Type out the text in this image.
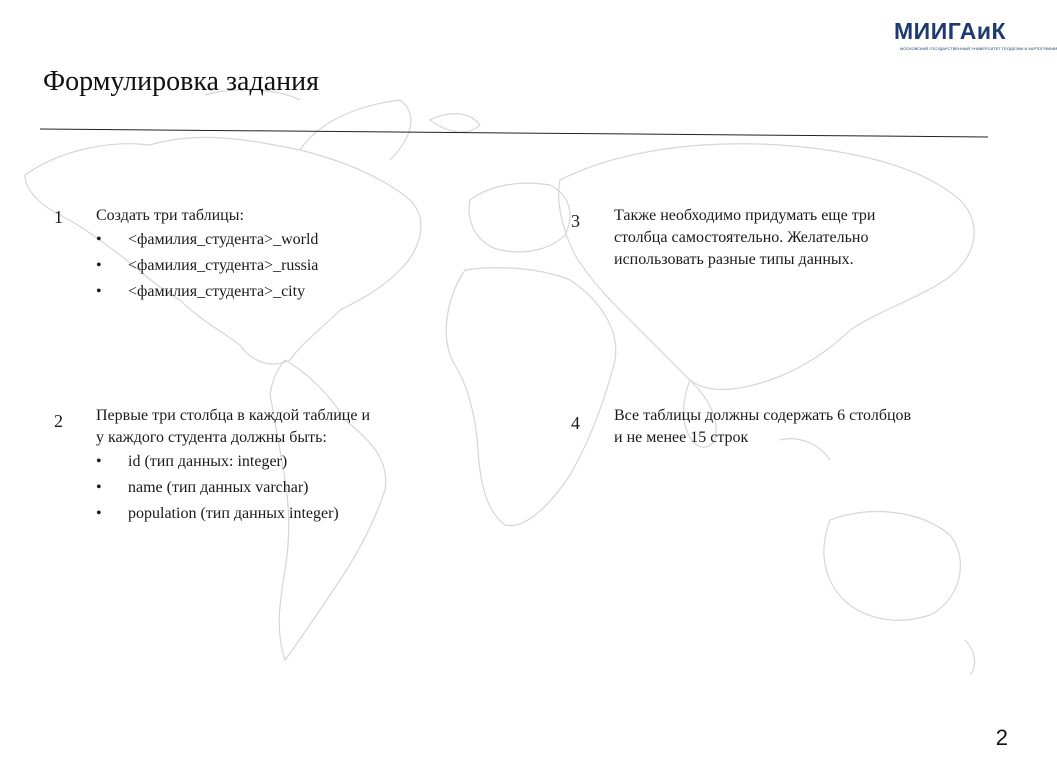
МИИГАиК
МОСКОВСКИЙ ГОСУДАРСТВЕННЫЙ УНИВЕРСИТЕТ ГЕОДЕЗИИ И КАРТОГРАФИИ
Формулировка задания
1 Создать три таблицы:

• <фамилия_студента>_world
• <фамилия_студента>_russia
• <фамилия_студента>_city
2 Первые три столбца в каждой таблице и у каждого студента должны быть:

• id (тип данных: integer)
• name (тип данных varchar)
• population (тип данных integer)
3 Также необходимо придумать еще три столбца самостоятельно. Желательно использовать разные типы данных.

4 Все таблицы должны содержать 6 столбцов и не менее 15 строк

2
